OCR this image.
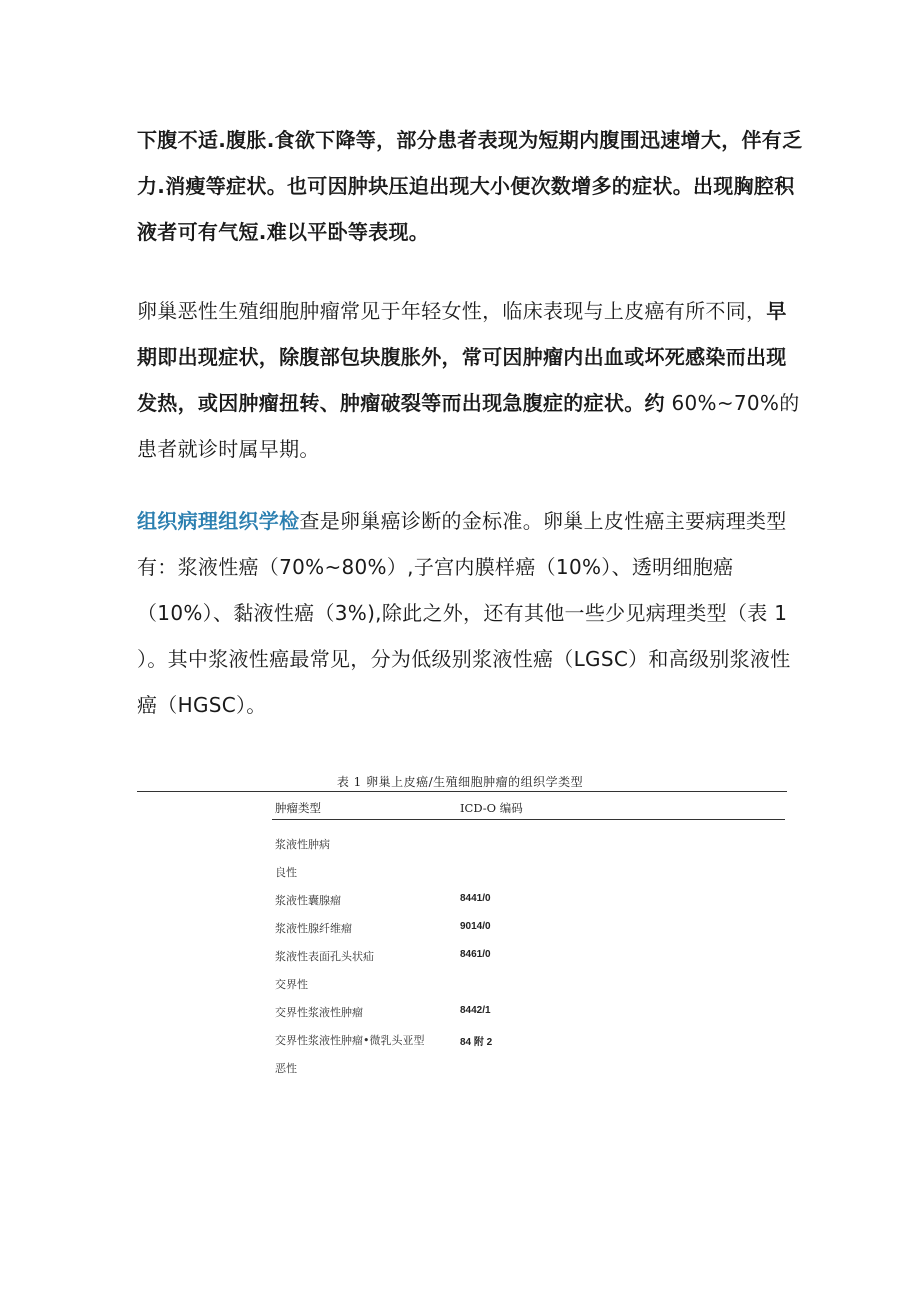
下腹不适.腹胀.食欲下降等，部分患者表现为短期内腹围迅速增大，伴有乏
力.消瘦等症状。也可因肿块压迫出现大小便次数增多的症状。出现胸腔积
液者可有气短.难以平卧等表现。
卵巢恶性生殖细胞肿瘤常见于年轻女性，临床表现与上皮癌有所不同，早
期即出现症状，除腹部包块腹胀外，常可因肿瘤内出血或坏死感染而出现
发热，或因肿瘤扭转、肿瘤破裂等而出现急腹症的症状。约 60%~70%的
患者就诊时属早期。
组织病理组织学检查是卵巢癌诊断的金标准。卵巢上皮性癌主要病理类型
有：浆液性癌（70%~80%）,子宫内膜样癌（10%）、透明细胞癌
（10%）、黏液性癌（3%),除此之外，还有其他一些少见病理类型（表 1
）。其中浆液性癌最常见，分为低级别浆液性癌（LGSC）和高级别浆液性
癌（HGSC）。
表 1 卵巢上皮癌/生殖细胞肿瘤的组织学类型
肿瘤类型	ICD-O 编码
浆液性肿病
良性
浆液性囊腺瘤	8441/0
浆液性腺纤维瘤	9014/0
浆液性表面孔头状疝	8461/0
交界性
交界性浆液性肿瘤	8442/1
交界性浆液性肿瘤•微乳头亚型	84 附 2
恶性
